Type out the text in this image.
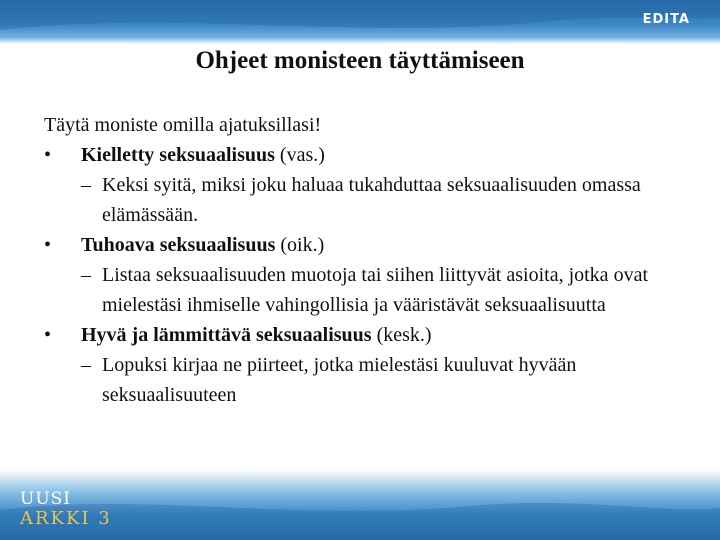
EDITA
Ohjeet monisteen täyttämiseen
Täytä moniste omilla ajatuksillasi!
• Kielletty seksuaalisuus (vas.)
– Keksi syitä, miksi joku haluaa tukahduttaa seksuaalisuuden omassa elämässään.
• Tuhoava seksuaalisuus (oik.)
– Listaa seksuaalisuuden muotoja tai siihen liittyvät asioita, jotka ovat mielestäsi ihmiselle vahingollisia ja vääristävät seksuaalisuutta
• Hyvä ja lämmittävä seksuaalisuus (kesk.)
– Lopuksi kirjaa ne piirteet, jotka mielestäsi kuuluvat hyvään seksuaalisuuteen
UUSI
ARKKI 3
